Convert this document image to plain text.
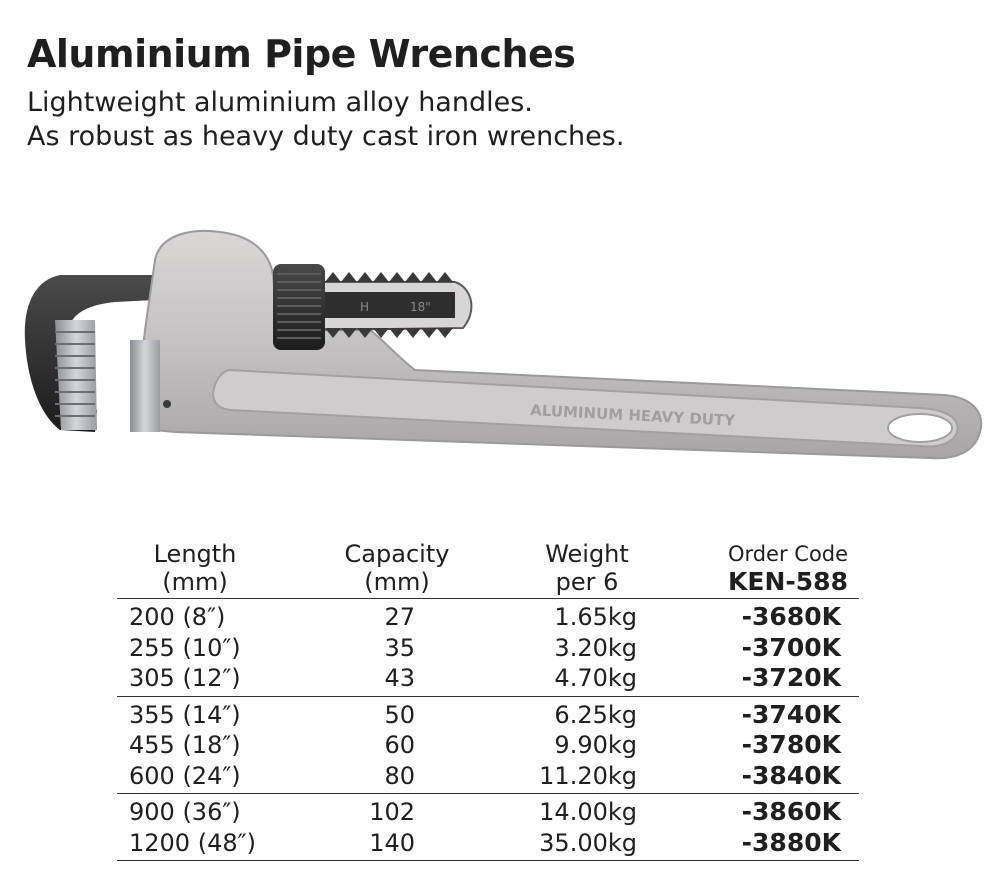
Aluminium Pipe Wrenches
Lightweight aluminium alloy handles.
As robust as heavy duty cast iron wrenches.
ALUMINUM HEAVY DUTY
H	18"
Length
(mm)
Capacity
(mm)
Weight
per 6
Order Code
KEN-588
200 (8″)	27	1.65kg	-3680K
255 (10″)	35	3.20kg	-3700K
305 (12″)	43	4.70kg	-3720K
355 (14″)	50	6.25kg	-3740K
455 (18″)	60	9.90kg	-3780K
600 (24″)	80	11.20kg	-3840K
900 (36″)	102	14.00kg	-3860K
1200 (48″)	140	35.00kg	-3880K
